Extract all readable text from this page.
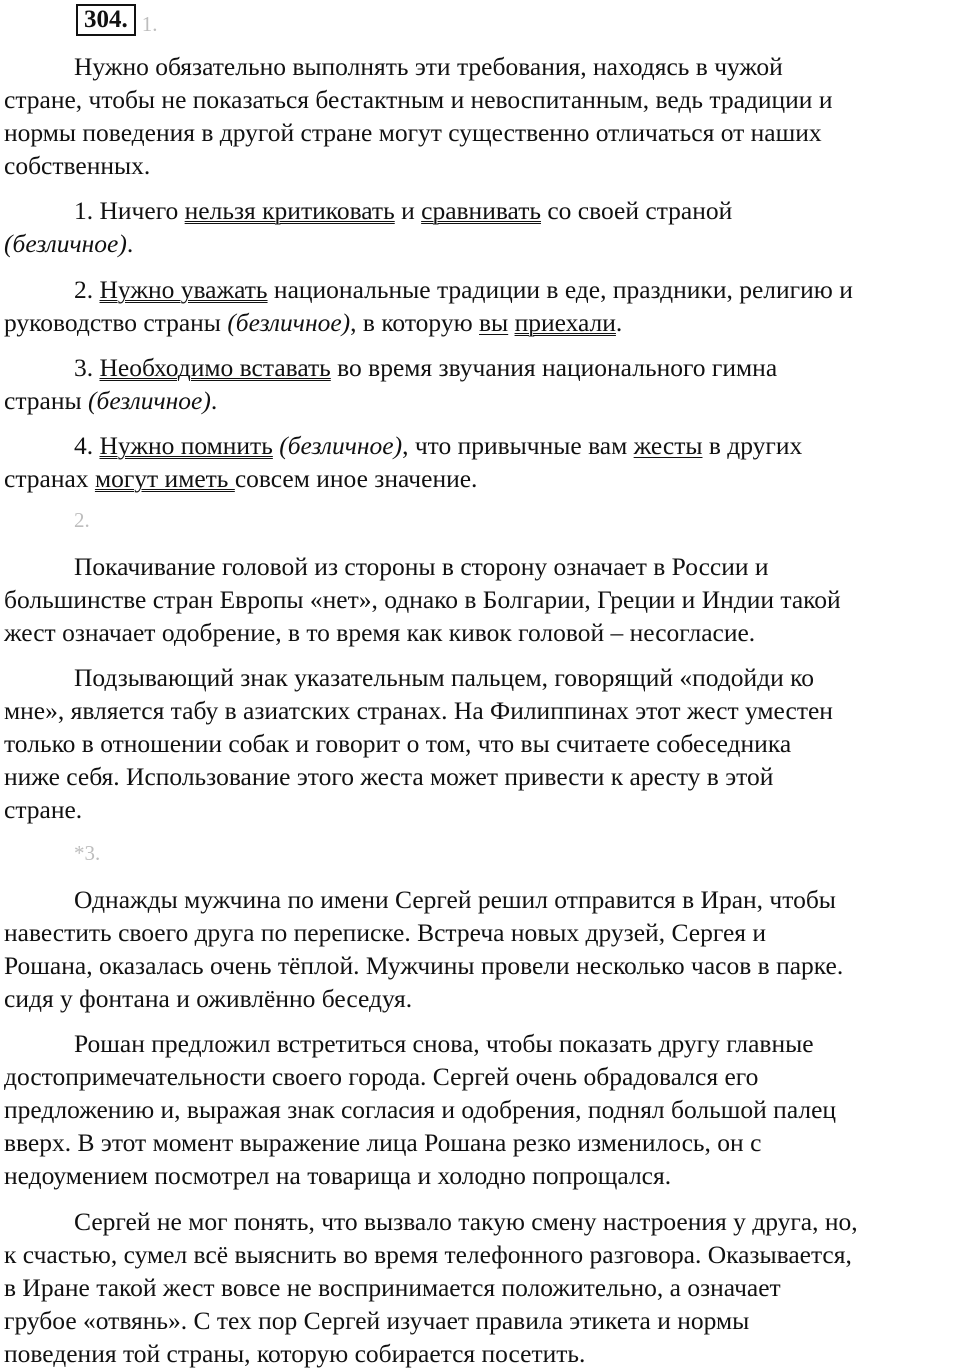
304. 1.

Нужно обязательно выполнять эти требования, находясь в чужой

стране, чтобы не показаться бестактным и невоспитанным, ведь традиции и

нормы поведения в другой стране могут существенно отличаться от наших

собственных.

1. Ничего нельзя критиковать и сравнивать со своей страной

(безличное).

2. Нужно уважать национальные традиции в еде, праздники, религию и

руководство страны (безличное), в которую вы приехали.

3. Необходимо вставать во время звучания национального гимна

страны (безличное).

4. Нужно помнить (безличное), что привычные вам жесты в других

странах могут иметь совсем иное значение.

2.

Покачивание головой из стороны в сторону означает в России и

большинстве стран Европы «нет», однако в Болгарии, Греции и Индии такой

жест означает одобрение, в то время как кивок головой – несогласие.

Подзывающий знак указательным пальцем, говорящий «подойди ко

мне», является табу в азиатских странах. На Филиппинах этот жест уместен

только в отношении собак и говорит о том, что вы считаете собеседника

ниже себя. Использование этого жеста может привести к аресту в этой

стране.

*3.

Однажды мужчина по имени Сергей решил отправится в Иран, чтобы

навестить своего друга по переписке. Встреча новых друзей, Сергея и

Рошана, оказалась очень тёплой. Мужчины провели несколько часов в парке.

сидя у фонтана и оживлённо беседуя.

Рошан предложил встретиться снова, чтобы показать другу главные

достопримечательности своего города. Сергей очень обрадовался его

предложению и, выражая знак согласия и одобрения, поднял большой палец

вверх. В этот момент выражение лица Рошана резко изменилось, он с

недоумением посмотрел на товарища и холодно попрощался.

Сергей не мог понять, что вызвало такую смену настроения у друга, но,

к счастью, сумел всё выяснить во время телефонного разговора. Оказывается,

в Иране такой жест вовсе не воспринимается положительно, а означает

грубое «отвянь». С тех пор Сергей изучает правила этикета и нормы

поведения той страны, которую собирается посетить.
